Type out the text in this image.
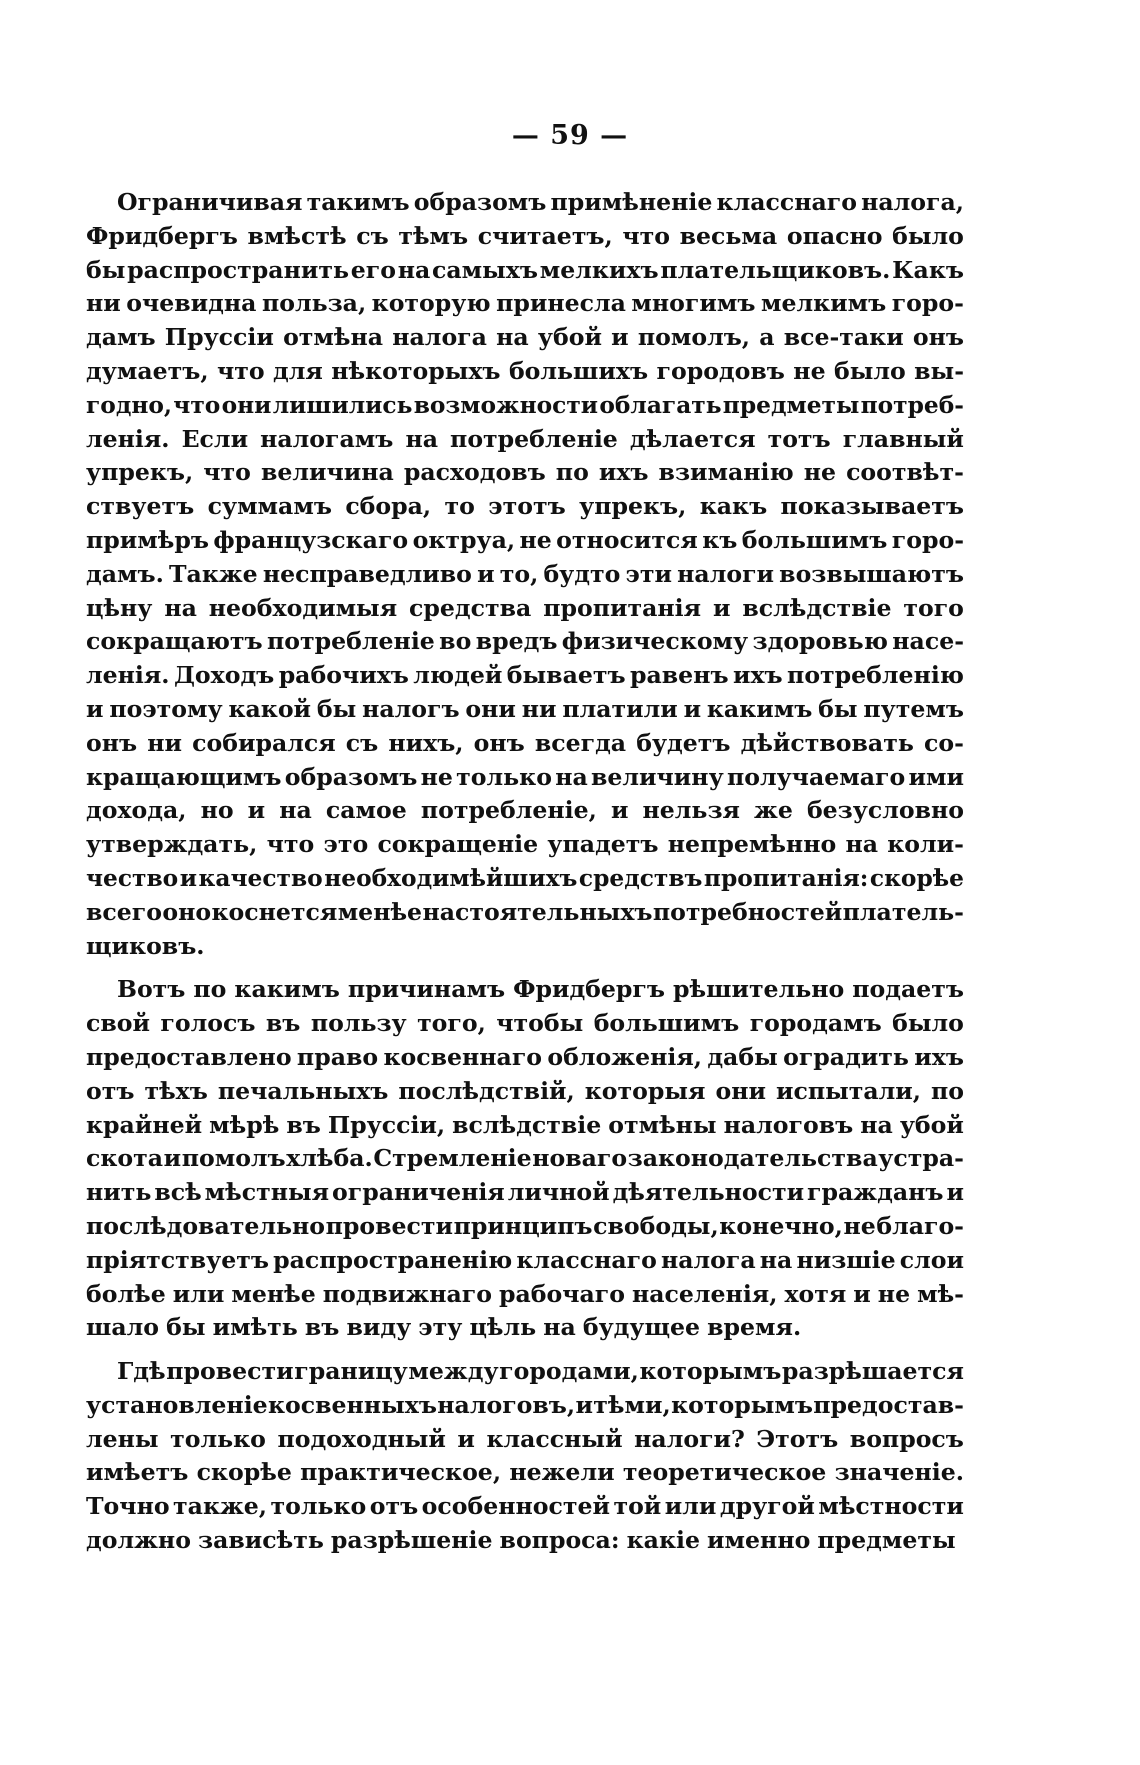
— 59 —
Ограничивая такимъ образомъ примѣненіе класснаго налога,
Фридбергъ вмѣстѣ съ тѣмъ считаетъ, что весьма опасно было
бы распространить его на самыхъ мелкихъ плательщиковъ. Какъ
ни очевидна польза, которую принесла многимъ мелкимъ горо-
дамъ Пруссіи отмѣна налога на убой и помолъ, а все-таки онъ
думаетъ, что для нѣкоторыхъ большихъ городовъ не было вы-
годно, что они лишились возможности облагать предметы потреб-
ленія. Если налогамъ на потребленіе дѣлается тотъ главный
упрекъ, что величина расходовъ по ихъ взиманію не соотвѣт-
ствуетъ суммамъ сбора, то этотъ упрекъ, какъ показываетъ
примѣръ французскаго октруа, не относится къ большимъ горо-
дамъ. Также несправедливо и то, будто эти налоги возвышаютъ
цѣну на необходимыя средства пропитанія и вслѣдствіе того
сокращаютъ потребленіе во вредъ физическому здоровью насе-
ленія. Доходъ рабочихъ людей бываетъ равенъ ихъ потребленію
и поэтому какой бы налогъ они ни платили и какимъ бы путемъ
онъ ни собирался съ нихъ, онъ всегда будетъ дѣйствовать со-
кращающимъ образомъ не только на величину получаемаго ими
дохода, но и на самое потребленіе, и нельзя же безусловно
утверждать, что это сокращеніе упадетъ непремѣнно на коли-
чество и качество необходимѣйшихъ средствъ пропитанія: скорѣе
всего оно коснется менѣе настоятельныхъ потребностей платель-
щиковъ.
Вотъ по какимъ причинамъ Фридбергъ рѣшительно подаетъ
свой голосъ въ пользу того, чтобы большимъ городамъ было
предоставлено право косвеннаго обложенія, дабы оградить ихъ
отъ тѣхъ печальныхъ послѣдствій, которыя они испытали, по
крайней мѣрѣ въ Пруссіи, вслѣдствіе отмѣны налоговъ на убой
скота и помолъ хлѣба. Стремленіе новаго законодательства устра-
нить всѣ мѣстныя ограниченія личной дѣятельности гражданъ и
послѣдовательно провести принципъ свободы, конечно, не благо-
пріятствуетъ распространенію класснаго налога на низшіе слои
болѣе или менѣе подвижнаго рабочаго населенія, хотя и не мѣ-
шало бы имѣть въ виду эту цѣль на будущее время.
Гдѣ провести границу между городами, которымъ разрѣшается
установленіе косвенныхъ налоговъ, и тѣми, которымъ предостав-
лены только подоходный и классный налоги? Этотъ вопросъ
имѣетъ скорѣе практическое, нежели теоретическое значеніе.
Точно также, только отъ особенностей той или другой мѣстности
должно зависѣть разрѣшеніе вопроса: какіе именно предметы
